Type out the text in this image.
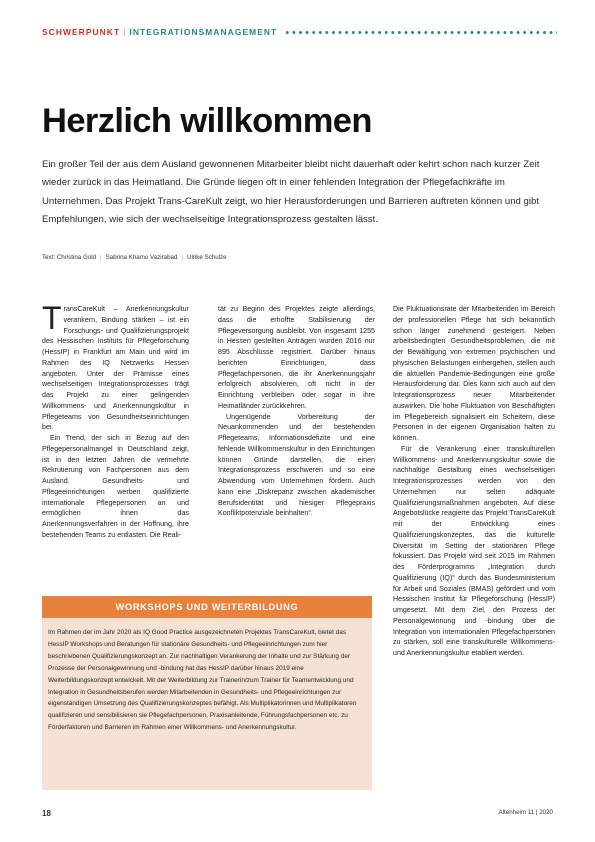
SCHWERPUNKT | INTEGRATIONSMANAGEMENT
Herzlich willkommen

Ein großer Teil der aus dem Ausland gewonnenen Mitarbeiter bleibt nicht dauerhaft oder kehrt schon nach kurzer Zeit wieder zurück in das Heimatland. Die Gründe liegen oft in einer fehlenden Integration der Pflegefachkräfte im Unternehmen. Das Projekt Trans-CareKult zeigt, wo hier Herausforderungen und Barrieren auftreten können und gibt Empfehlungen, wie sich der wechselseitige Integrationsprozess gestalten lässt.

Text: Christina Gold | Sabrina Khamo Vazirabad | Ulrike Schulze

TransCareKult – Anerkennungskultur verankern, Bindung stärken – ist ein Forschungs- und Qualifizierungsprojekt des Hessischen Instituts für Pflegeforschung (HessIP) in Frankfurt am Main und wird im Rahmen des IQ Netzwerks Hessen angeboten. Unter der Prämisse eines wechselseitigen Integrationsprozesses trägt das Projekt zu einer gelingenden Willkommens- und Anerkennungskultur in Pflegeteams von Gesundheitseinrichtungen bei.

Ein Trend, der sich in Bezug auf den Pflegepersonalmangel in Deutschland zeigt, ist in den letzten Jahren die vermehrte Rekrutierung von Fachpersonen aus dem Ausland. Gesundheits- und Pflegeeinrichtungen werben qualifizierte internationale Pflegepersonen an und ermöglichen ihnen das Anerkennungsverfahren in der Hoffnung, ihre bestehenden Teams zu entlasten. Die Reali-

tät zu Beginn des Projektes zeigte allerdings, dass die erhoffte Stabilisierung der Pflegeversorgung ausbleibt. Von insgesamt 1255 in Hessen gestellten Anträgen wurden 2016 nur 895 Abschlüsse registriert. Darüber hinaus berichten Einrichtungen, dass Pflegefachpersonen, die ihr Anerkennungsjahr erfolgreich absolvieren, oft nicht in der Einrichtung verbleiben oder sogar in ihre Heimatländer zurückkehren.

Ungenügende Vorbereitung der Neuankommenden und der bestehenden Pflegeteams, Informationsdefizite und eine fehlende Willkommenskultur in den Einrichtungen können Gründe darstellen, die einen Integrationsprozess erschweren und so eine Abwendung vom Unternehmen fördern. Auch kann eine „Diskrepanz zwischen akademischer Berufsidentität und hiesiger Pflegepraxis Konfliktpotenziale beinhalten“.

Die Fluktuationsrate der Mitarbeitenden im Bereich der professionellen Pflege hat sich bekanntlich schon länger zunehmend gesteigert. Neben arbeitsbedingten Gesundheitsproblemen, die mit der Bewältigung von extremen psychischen und physischen Belastungen einhergehen, stellen auch die aktuellen Pandemie-Bedingungen eine große Herausforderung dar. Dies kann sich auch auf den Integrationsprozess neuer Mitarbeitender auswirken. Die hohe Fluktuation von Beschäftigten im Pflegebereich signalisiert ein Scheitern, diese Personen in der eigenen Organisation halten zu können.

Für die Verankerung einer transkulturellen Willkommens- und Anerkennungskultur sowie die nachhaltige Gestaltung eines wechselseitigen Integrationsprozesses werden von den Unternehmen nur selten adäquate Qualifizierungsmaßnahmen angeboten. Auf diese Angebotslücke reagierte das Projekt TransCareKult mit der Entwicklung eines Qualifizierungskonzeptes, das die kulturelle Diversität im Setting der stationären Pflege fokussiert. Das Projekt wird seit 2015 im Rahmen des Förderprogramms „Integration durch Qualifizierung (IQ)“ durch das Bundesministerium für Arbeit und Soziales (BMAS) gefördert und vom Hessischen Institut für Pflegeforschung (HessIP) umgesetzt. Mit dem Ziel, den Prozess der Personalgewinnung und -bindung über die Integration von internationalen Pflegefachpersonen zu stärken, soll eine transkulturelle Willkommens- und Anerkennungskultur etabliert werden.

WORKSHOPS UND WEITERBILDUNG

Im Rahmen der im Jahr 2020 als IQ Good Practice ausgezeichneten Projektes TransCareKult, bietet das HessIP Workshops und Beratungen für stationäre Gesundheits- und Pflegeeinrichtungen zum hier beschriebenen Qualifizierungskonzept an. Zur nachhaltigen Verankerung der Inhalte und zur Stärkung der Prozesse der Personalgewinnung und -bindung hat das HessIP darüber hinaus 2019 eine Weiterbildungskonzept entwickelt. Mit der Weiterbildung zur Trainerin/zum Trainer für Teamentwicklung und Integration in Gesundheitsberufen werden Mitarbeitenden in Gesundheits- und Pflegeeinrichtungen zur eigenständigen Umsetzung des Qualifizierungskonzeptes befähigt. Als Multiplikatorinnen und Multiplikatoren qualifizieren und sensibilisieren sie Pflegefachpersonen, Praxisanleitende, Führungsfachpersonen etc. zu Förderfaktoren und Barrieren im Rahmen einer Willkommens- und Anerkennungskultur.

18	Altenheim 11 | 2020
